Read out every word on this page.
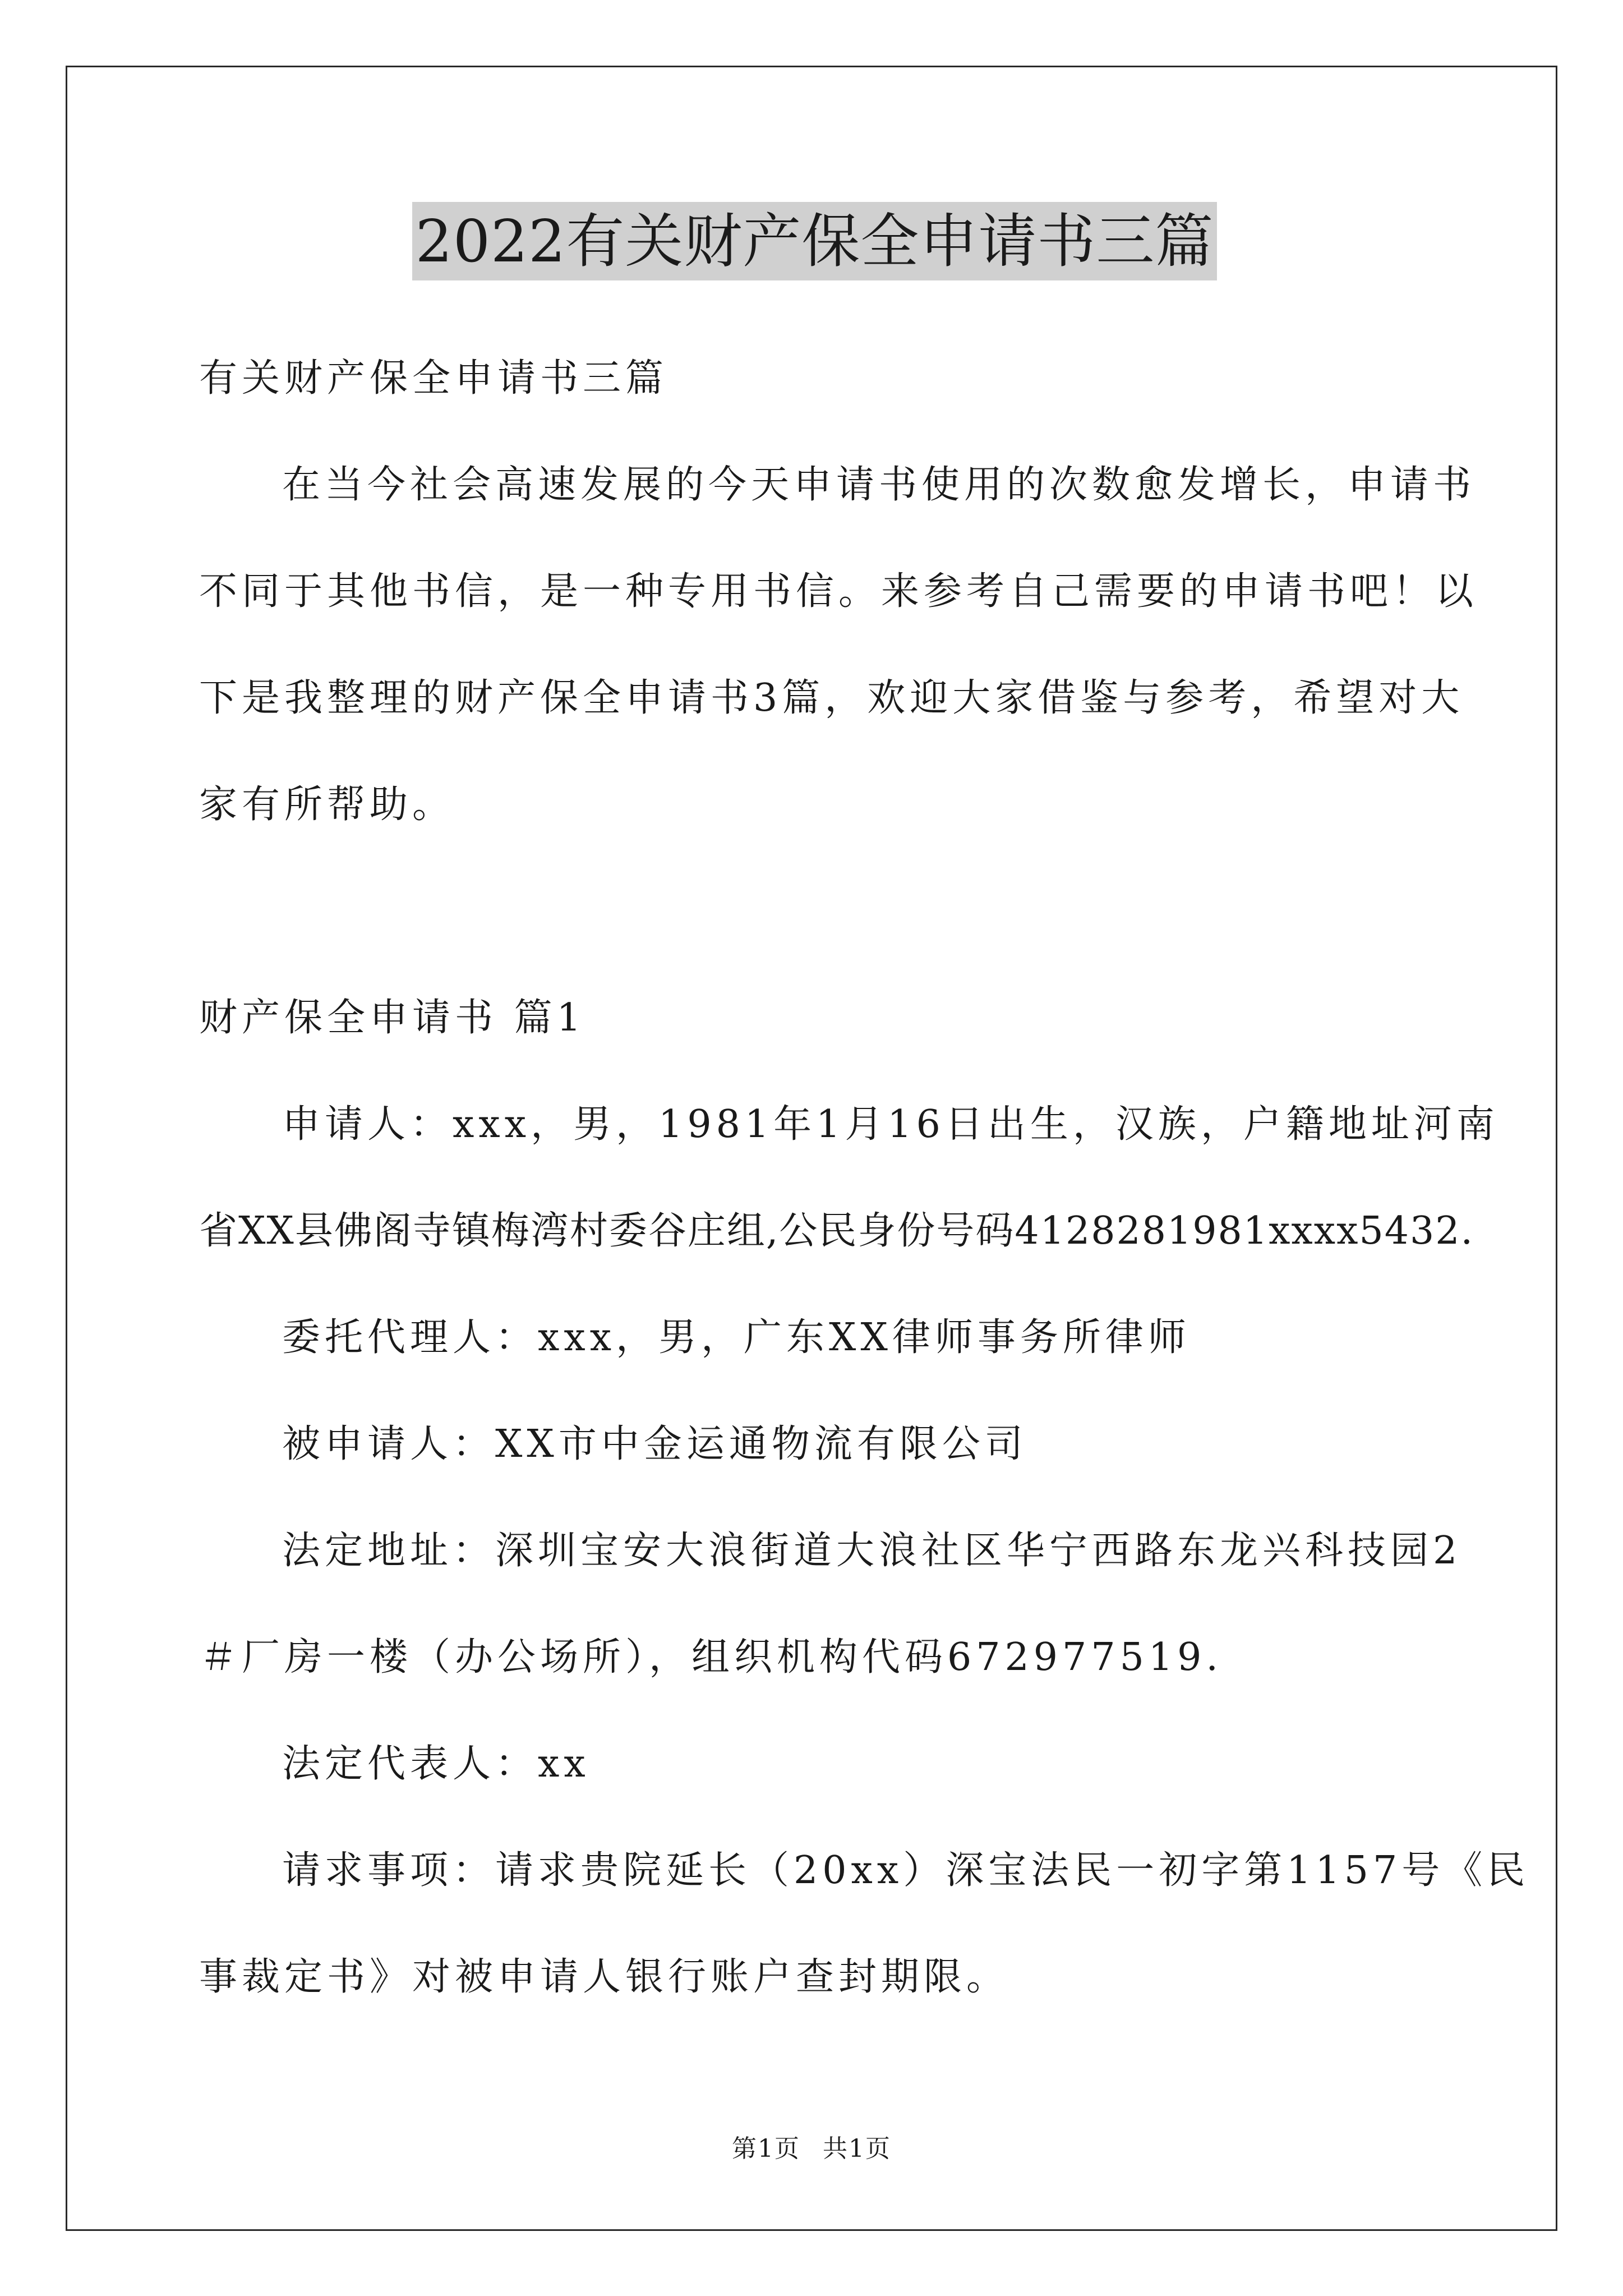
2022有关财产保全申请书三篇
有关财产保全申请书三篇
在当今社会高速发展的今天申请书使用的次数愈发增长，申请书
不同于其他书信，是一种专用书信。来参考自己需要的申请书吧！以
下是我整理的财产保全申请书3篇，欢迎大家借鉴与参考，希望对大
家有所帮助。
财产保全申请书 篇1
申请人：xxx，男，1981年1月16日出生，汉族，户籍地址河南
省XX县佛阁寺镇梅湾村委谷庄组,公民身份号码4128281981xxxx5432.
委托代理人：xxx，男，广东XX律师事务所律师
被申请人：XX市中金运通物流有限公司
法定地址：深圳宝安大浪街道大浪社区华宁西路东龙兴科技园2
＃厂房一楼（办公场所），组织机构代码672977519.
法定代表人：xx
请求事项：请求贵院延长（20xx）深宝法民一初字第1157号《民
事裁定书》对被申请人银行账户查封期限。
第1页 共1页
